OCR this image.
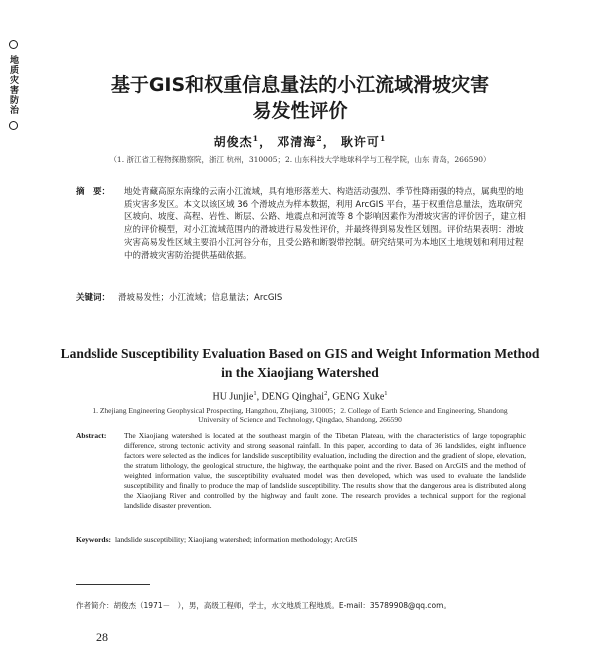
地质灾害防治	基于GIS和权重信息量法的小江流域滑坡灾害
易发性评价
胡俊杰$^1$， 邓清海$^2$， 耿许可$^1$
（1. 浙江省工程物探勘察院，浙江 杭州，310005；2. 山东科技大学地球科学与工程学院，山东 青岛，266590）
摘　要： 地处青藏高原东南缘的云南小江流域，具有地形落差大、构造活动强烈、季节性降雨强的特点，属典型的地质灾害多发区。本文以该区域 36 个滑坡点为样本数据，利用 ArcGIS 平台，基于权重信息量法，选取研究区坡向、坡度、高程、岩性、断层、公路、地震点和河流等 8 个影响因素作为滑坡灾害的评价因子，建立相应的评价模型，对小江流域范围内的滑坡进行易发性评价，并最终得到易发性区划图。评价结果表明：滑坡灾害高易发性区域主要沿小江河谷分布，且受公路和断裂带控制。研究结果可为本地区土地规划和利用过程中的滑坡灾害防治提供基础依据。
关键词： 滑坡易发性；小江流域；信息量法；ArcGIS
Landslide Susceptibility Evaluation Based on GIS and Weight Information Method
in the Xiaojiang Watershed
HU Junjie$^1$, DENG Qinghai$^2$, GENG Xuke$^1$
1. Zhejiang Engineering Geophysical Prospecting, Hangzhou, Zhejiang, 310005；2. College of Earth Science and Engineering, Shandong University of Science and Technology, Qingdao, Shandong, 266590
Abstract: The Xiaojiang watershed is located at the southeast margin of the Tibetan Plateau, with the characteristics of large topographic difference, strong tectonic activity and strong seasonal rainfall. In this paper, according to data of 36 landslides, eight influence factors were selected as the indices for landslide susceptibility evaluation, including the direction and the gradient of slope, elevation, the stratum lithology, the geological structure, the highway, the earthquake point and the river. Based on ArcGIS and the method of weighted information value, the susceptibility evaluated model was then developed, which was used to evaluate the landslide susceptibility and finally to produce the map of landslide susceptibility. The results show that the dangerous area is distributed along the Xiaojiang River and controlled by the highway and fault zone. The research provides a technical support for the regional landslide disaster prevention.
Keywords: landslide susceptibility; Xiaojiang watershed; information methodology; ArcGIS
作者简介：胡俊杰（1971－　），男，高级工程师，学士，水文地质工程地质。E-mail：35789908@qq.com。
28
